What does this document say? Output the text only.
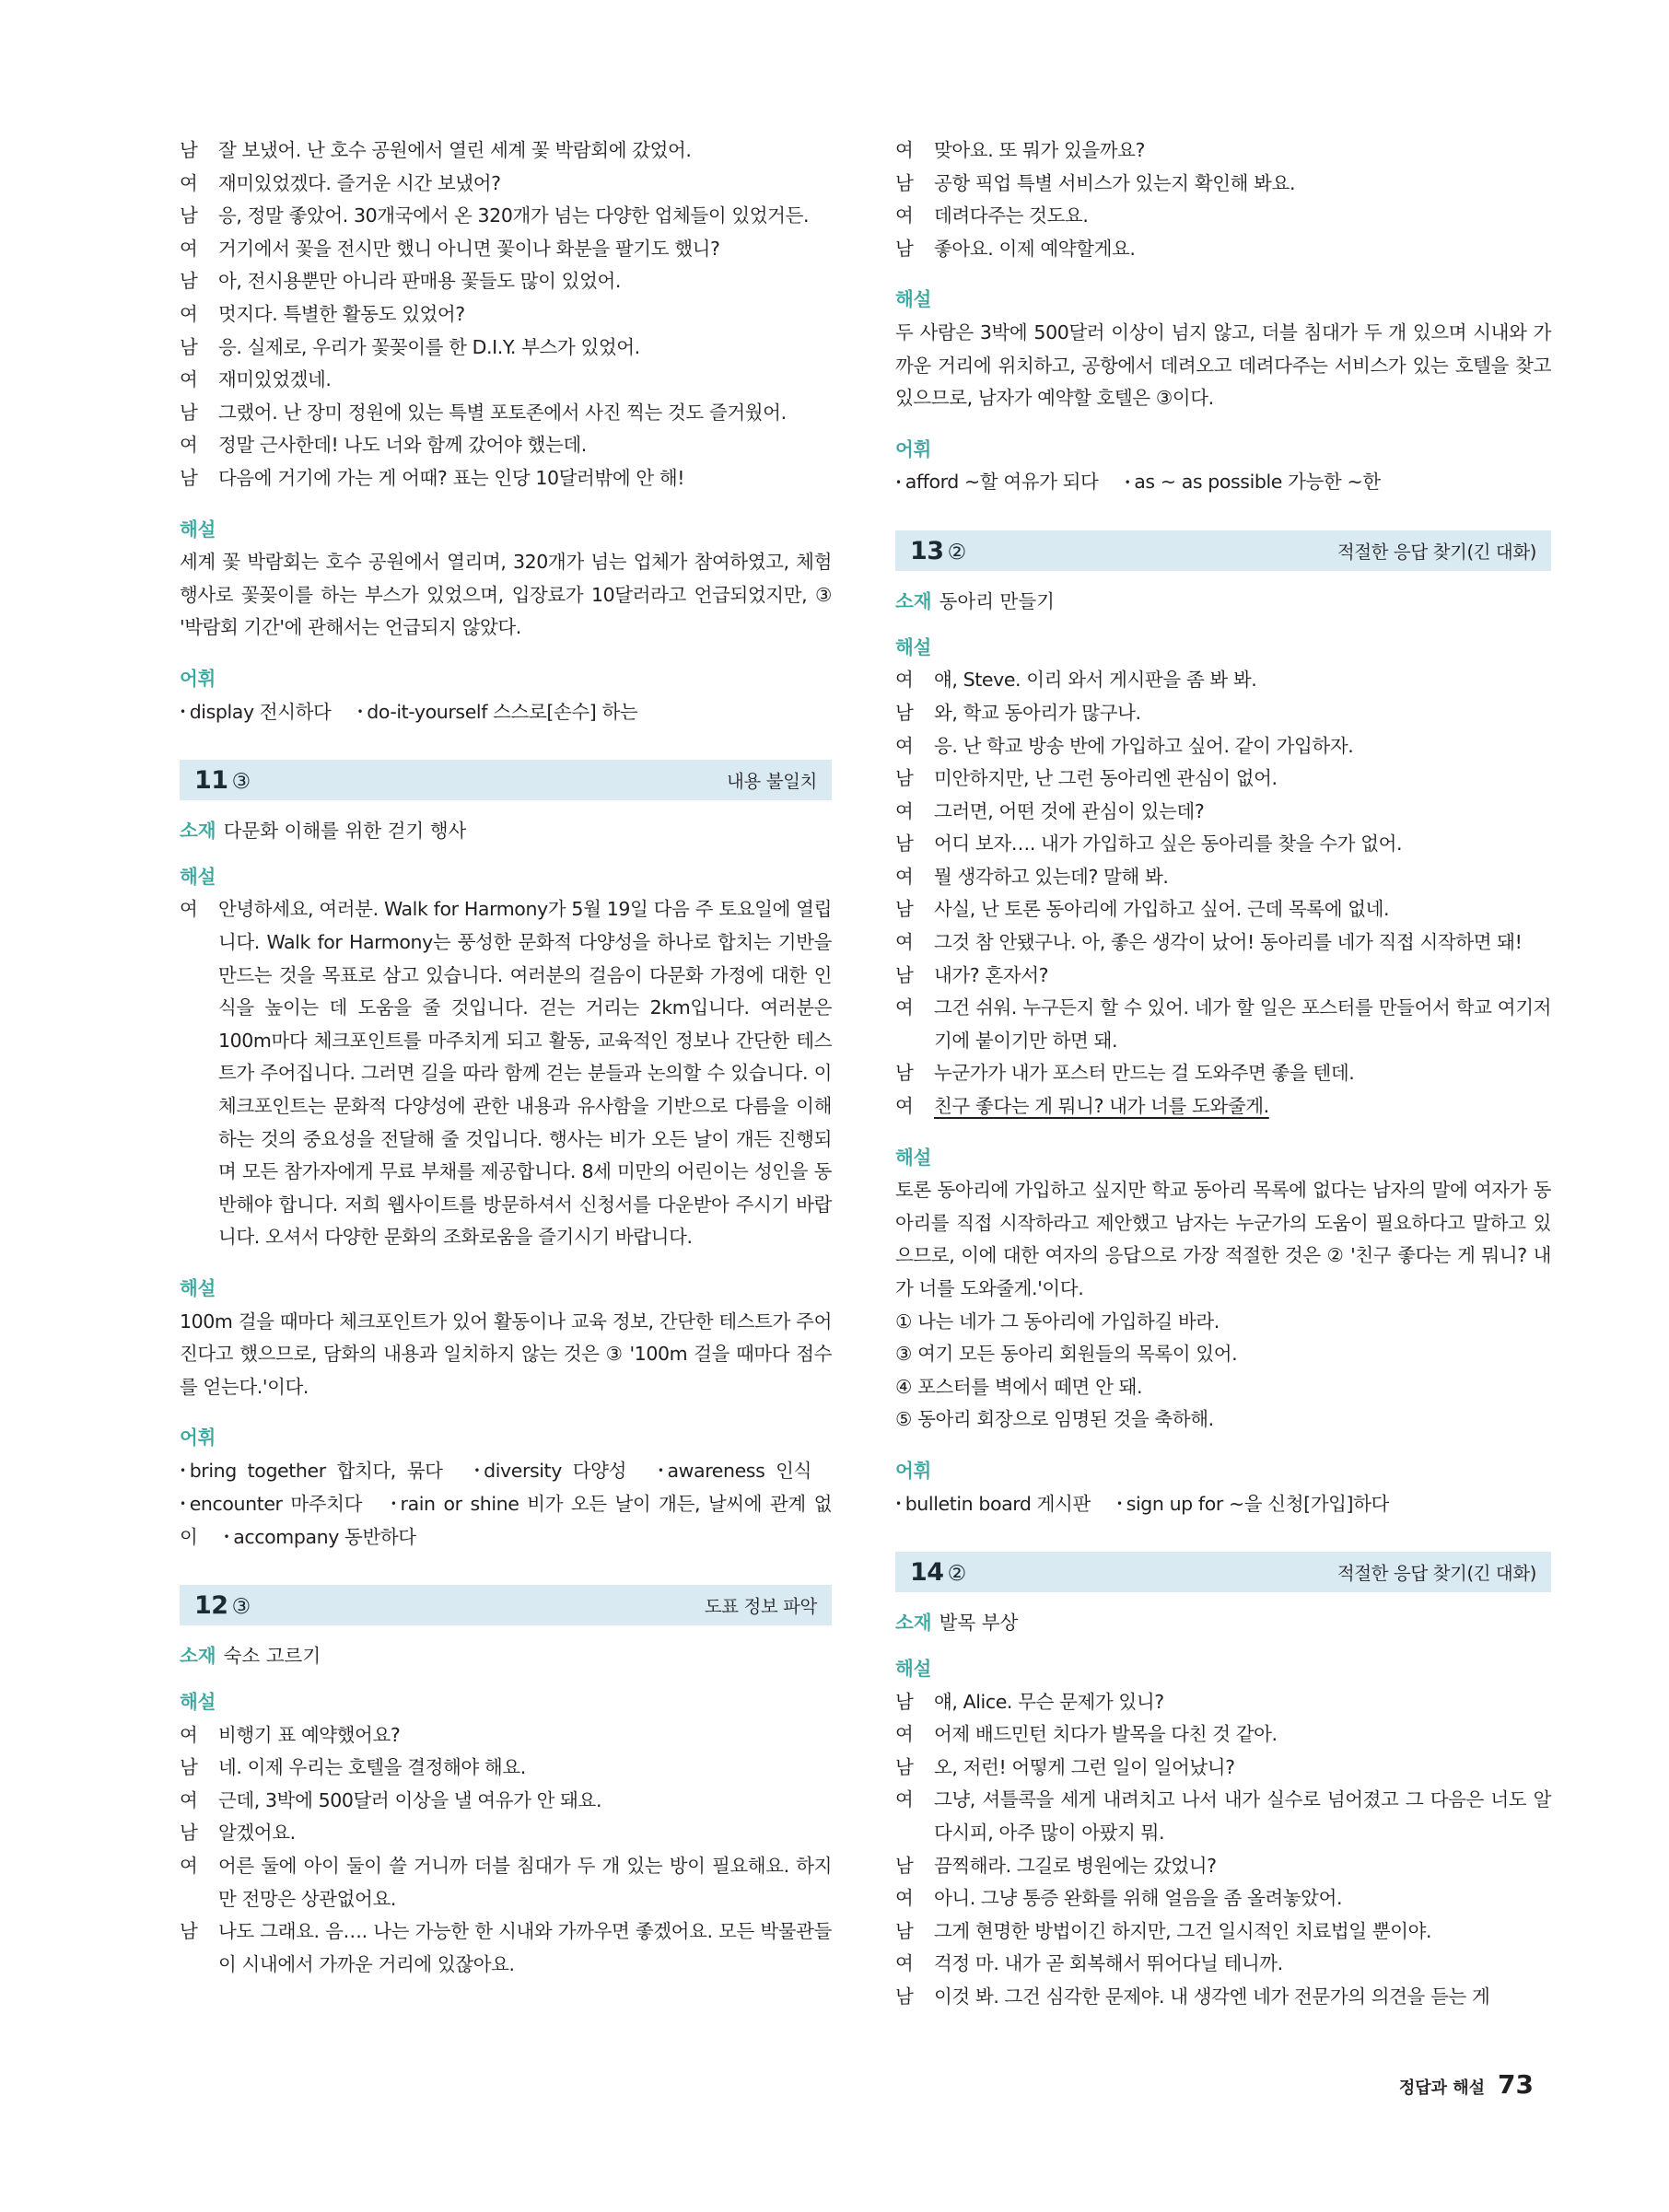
남	잘 보냈어. 난 호수 공원에서 열린 세계 꽃 박람회에 갔었어.
여	재미있었겠다. 즐거운 시간 보냈어?
남	응, 정말 좋았어. 30개국에서 온 320개가 넘는 다양한 업체들이 있었거든.
여	거기에서 꽃을 전시만 했니 아니면 꽃이나 화분을 팔기도 했니?
남	아, 전시용뿐만 아니라 판매용 꽃들도 많이 있었어.
여	멋지다. 특별한 활동도 있었어?
남	응. 실제로, 우리가 꽃꽂이를 한 D.I.Y. 부스가 있었어.
여	재미있었겠네.
남	그랬어. 난 장미 정원에 있는 특별 포토존에서 사진 찍는 것도 즐거웠어.
여	정말 근사한데! 나도 너와 함께 갔어야 했는데.
남	다음에 거기에 가는 게 어때? 표는 인당 10달러밖에 안 해!
해설
세계 꽃 박람회는 호수 공원에서 열리며, 320개가 넘는 업체가 참여하였고, 체험 행사로 꽃꽂이를 하는 부스가 있었으며, 입장료가 10달러라고 언급되었지만, ③ '박람회 기간'에 관해서는 언급되지 않았다.
어휘
• display 전시하다 • do-it-yourself 스스로[손수] 하는
11 ③	내용 불일치
소재 다문화 이해를 위한 걷기 행사
해설
여	안녕하세요, 여러분. Walk for Harmony가 5월 19일 다음 주 토요일에 열립니다. Walk for Harmony는 풍성한 문화적 다양성을 하나로 합치는 기반을 만드는 것을 목표로 삼고 있습니다. 여러분의 걸음이 다문화 가정에 대한 인식을 높이는 데 도움을 줄 것입니다. 걷는 거리는 2km입니다. 여러분은 100m마다 체크포인트를 마주치게 되고 활동, 교육적인 정보나 간단한 테스트가 주어집니다. 그러면 길을 따라 함께 걷는 분들과 논의할 수 있습니다. 이 체크포인트는 문화적 다양성에 관한 내용과 유사함을 기반으로 다름을 이해하는 것의 중요성을 전달해 줄 것입니다. 행사는 비가 오든 날이 개든 진행되며 모든 참가자에게 무료 부채를 제공합니다. 8세 미만의 어린이는 성인을 동반해야 합니다. 저희 웹사이트를 방문하셔서 신청서를 다운받아 주시기 바랍니다. 오셔서 다양한 문화의 조화로움을 즐기시기 바랍니다.
해설
100m 걸을 때마다 체크포인트가 있어 활동이나 교육 정보, 간단한 테스트가 주어진다고 했으므로, 담화의 내용과 일치하지 않는 것은 ③ '100m 걸을 때마다 점수를 얻는다.'이다.
어휘
• bring together 합치다, 묶다	• diversity 다양성	• awareness 인식 • encounter 마주치다	• rain or shine 비가 오든 날이 개든, 날씨에 관계 없이 • accompany 동반하다
12 ③	도표 정보 파악
소재 숙소 고르기
해설
여	비행기 표 예약했어요?
남	네. 이제 우리는 호텔을 결정해야 해요.
여	근데, 3박에 500달러 이상을 낼 여유가 안 돼요.
남	알겠어요.
여	어른 둘에 아이 둘이 쓸 거니까 더블 침대가 두 개 있는 방이 필요해요. 하지만 전망은 상관없어요.
남	나도 그래요. 음…. 나는 가능한 한 시내와 가까우면 좋겠어요. 모든 박물관들이 시내에서 가까운 거리에 있잖아요.
여	맞아요. 또 뭐가 있을까요?
남	공항 픽업 특별 서비스가 있는지 확인해 봐요.
여	데려다주는 것도요.
남	좋아요. 이제 예약할게요.
해설
두 사람은 3박에 500달러 이상이 넘지 않고, 더블 침대가 두 개 있으며 시내와 가까운 거리에 위치하고, 공항에서 데려오고 데려다주는 서비스가 있는 호텔을 찾고 있으므로, 남자가 예약할 호텔은 ③이다.
어휘
• afford ~할 여유가 되다 • as ~ as possible 가능한 ~한
13 ②	적절한 응답 찾기(긴 대화)
소재 동아리 만들기
해설
여	얘, Steve. 이리 와서 게시판을 좀 봐 봐.
남	와, 학교 동아리가 많구나.
여	응. 난 학교 방송 반에 가입하고 싶어. 같이 가입하자.
남	미안하지만, 난 그런 동아리엔 관심이 없어.
여	그러면, 어떤 것에 관심이 있는데?
남	어디 보자…. 내가 가입하고 싶은 동아리를 찾을 수가 없어.
여	뭘 생각하고 있는데? 말해 봐.
남	사실, 난 토론 동아리에 가입하고 싶어. 근데 목록에 없네.
여	그것 참 안됐구나. 아, 좋은 생각이 났어! 동아리를 네가 직접 시작하면 돼!
남	내가? 혼자서?
여	그건 쉬워. 누구든지 할 수 있어. 네가 할 일은 포스터를 만들어서 학교 여기저기에 붙이기만 하면 돼.
남	누군가가 내가 포스터 만드는 걸 도와주면 좋을 텐데.
여	친구 좋다는 게 뭐니? 내가 너를 도와줄게.
해설
토론 동아리에 가입하고 싶지만 학교 동아리 목록에 없다는 남자의 말에 여자가 동아리를 직접 시작하라고 제안했고 남자는 누군가의 도움이 필요하다고 말하고 있으므로, 이에 대한 여자의 응답으로 가장 적절한 것은 ② '친구 좋다는 게 뭐니? 내가 너를 도와줄게.'이다.
① 나는 네가 그 동아리에 가입하길 바라.
③ 여기 모든 동아리 회원들의 목록이 있어.
④ 포스터를 벽에서 떼면 안 돼.
⑤ 동아리 회장으로 임명된 것을 축하해.
어휘
• bulletin board 게시판 • sign up for ~을 신청[가입]하다
14 ②	적절한 응답 찾기(긴 대화)
소재 발목 부상
해설
남	얘, Alice. 무슨 문제가 있니?
여	어제 배드민턴 치다가 발목을 다친 것 같아.
남	오, 저런! 어떻게 그런 일이 일어났니?
여	그냥, 셔틀콕을 세게 내려치고 나서 내가 실수로 넘어졌고 그 다음은 너도 알다시피, 아주 많이 아팠지 뭐.
남	끔찍해라. 그길로 병원에는 갔었니?
여	아니. 그냥 통증 완화를 위해 얼음을 좀 올려놓았어.
남	그게 현명한 방법이긴 하지만, 그건 일시적인 치료법일 뿐이야.
여	걱정 마. 내가 곧 회복해서 뛰어다닐 테니까.
남	이것 봐. 그건 심각한 문제야. 내 생각엔 네가 전문가의 의견을 듣는 게
정답과 해설 73
